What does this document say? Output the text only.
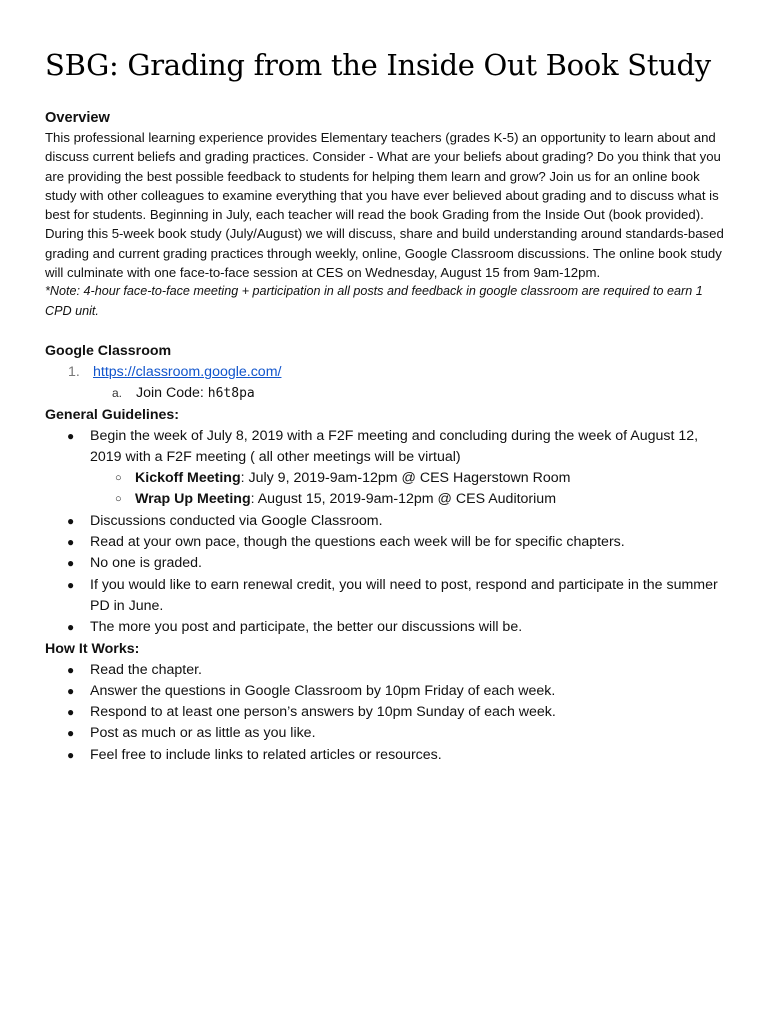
SBG: Grading from the Inside Out Book Study

Overview

This professional learning experience provides Elementary teachers (grades K-5) an opportunity to learn about and discuss current beliefs and grading practices. Consider - What are your beliefs about grading? Do you think that you are providing the best possible feedback to students for helping them learn and grow? Join us for an online book study with other colleagues to examine everything that you have ever believed about grading and to discuss what is best for students. Beginning in July, each teacher will read the book Grading from the Inside Out (book provided). During this 5-week book study (July/August) we will discuss, share and build understanding around standards-based grading and current grading practices through weekly, online, Google Classroom discussions. The online book study will culminate with one face-to-face session at CES on Wednesday, August 15 from 9am-12pm.

*Note: 4-hour face-to-face meeting + participation in all posts and feedback in google classroom are required to earn 1 CPD unit.

Google Classroom

1. https://classroom.google.com/
a. Join Code: h6t8pa

General Guidelines:

● Begin the week of July 8, 2019 with a F2F meeting and concluding during the week of August 12, 2019 with a F2F meeting ( all other meetings will be virtual)
○ Kickoff Meeting: July 9, 2019-9am-12pm @ CES Hagerstown Room
○ Wrap Up Meeting: August 15, 2019-9am-12pm @ CES Auditorium
● Discussions conducted via Google Classroom.
● Read at your own pace, though the questions each week will be for specific chapters.
● No one is graded.
● If you would like to earn renewal credit, you will need to post, respond and participate in the summer PD in June.
● The more you post and participate, the better our discussions will be.

How It Works:

● Read the chapter.
● Answer the questions in Google Classroom by 10pm Friday of each week.
● Respond to at least one person’s answers by 10pm Sunday of each week.
● Post as much or as little as you like.
● Feel free to include links to related articles or resources.
